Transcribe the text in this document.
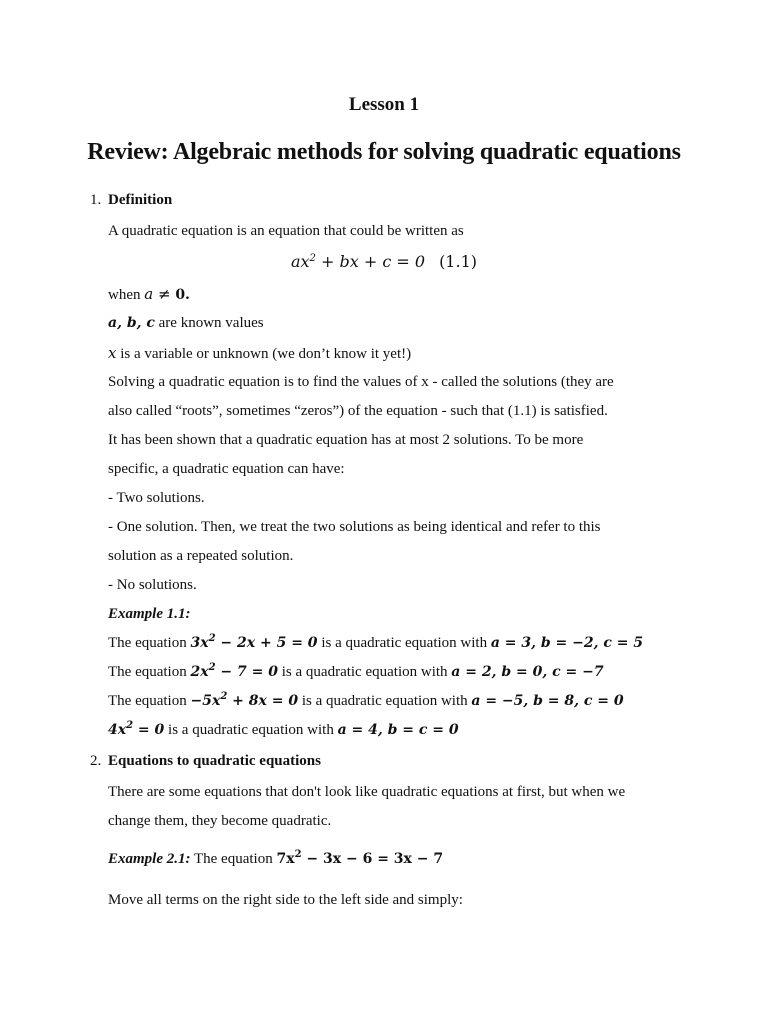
Lesson 1
Review: Algebraic methods for solving quadratic equations
1. Definition
A quadratic equation is an equation that could be written as
$ax^2$ + bx + c = 0 (1.1)
when a ≠ 0.
a, b, c are known values
x is a variable or unknown (we don’t know it yet!)
Solving a quadratic equation is to find the values of x - called the solutions (they are
also called “roots”, sometimes “zeros”) of the equation - such that (1.1) is satisfied.
It has been shown that a quadratic equation has at most 2 solutions. To be more
specific, a quadratic equation can have:
- Two solutions.
- One solution. Then, we treat the two solutions as being identical and refer to this
solution as a repeated solution.
- No solutions.
Example 1.1:
The equation $3x^2 - 2x + 5 = 0$ is a quadratic equation with a = 3, b = −2, c = 5
The equation $2x^2 - 7 = 0$ is a quadratic equation with a = 2, b = 0, c = −7
The equation $-5x^2 + 8x = 0$ is a quadratic equation with a = −5, b = 8, c = 0
$4x^2 = 0$ is a quadratic equation with a = 4, b = c = 0
2. Equations to quadratic equations
There are some equations that don't look like quadratic equations at first, but when we
change them, they become quadratic.
Example 2.1: The equation $7x^2 - 3x - 6 = 3x - 7$
Move all terms on the right side to the left side and simply:
